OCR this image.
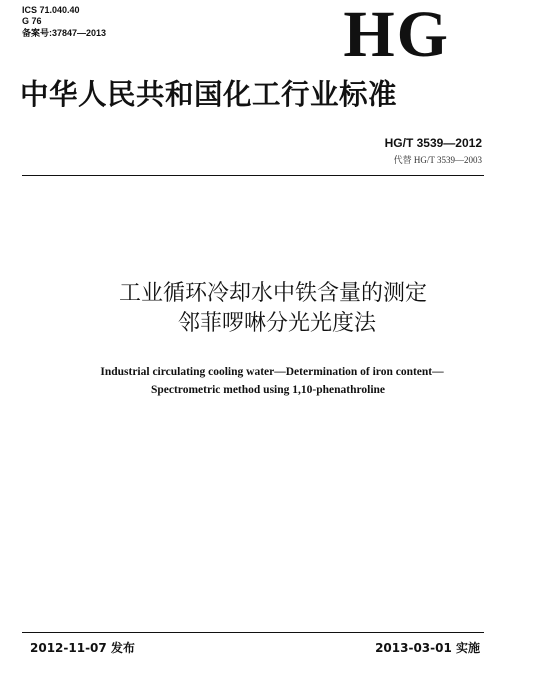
ICS 71.040.40
G 76
备案号:37847—2013	HG
中华人民共和国化工行业标准
HG/T 3539—2012
代替 HG/T 3539—2003
工业循环冷却水中铁含量的测定
邻菲啰啉分光光度法
Industrial circulating cooling water—Determination of iron content—
Spectrometric method using 1,10-phenathroline
2012-11-07 发布	2013-03-01 实施
